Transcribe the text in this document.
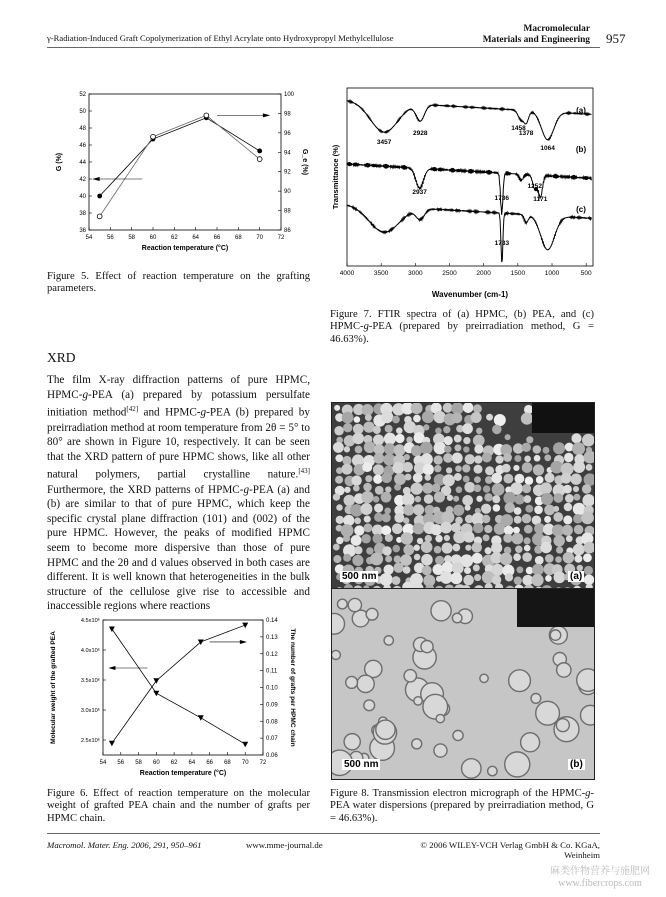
γ-Radiation-Induced Graft Copolymerization of Ethyl Acrylate onto Hydroxypropyl Methylcellulose
Macromolecular
Materials and Engineering 957
54 56 58 60 62 64 66 68 70 72
36
38
40
42
44
46
48
50
52
86
88
90
92
94
96
98
100
Reaction temperature (°C)
G (%)	G_e (%)
Figure 5. Effect of reaction temperature on the grafting parameters.
4000	3500	3000	2500	2000	1500	1000	500
Wavenumber (cm-1)
Transmittance (%)
3457
2928
1458
1378
1064
2937
1736
1252
1171
1733
(a)
(b)
(c)
Figure 7. FTIR spectra of (a) HPMC, (b) PEA, and (c) HPMC-g-PEA (prepared by preirradiation method, G = 46.63%).
XRD
The film X-ray diffraction patterns of pure HPMC, HPMC-g-PEA (a) prepared by potassium persulfate initiation method[42] and HPMC-g-PEA (b) prepared by preirradiation method at room temperature from 2θ = 5° to 80° are shown in Figure 10, respectively. It can be seen that the XRD pattern of pure HPMC shows, like all other natural polymers, partial crystalline nature.[43] Furthermore, the XRD patterns of HPMC-g-PEA (a) and (b) are similar to that of pure HPMC, which keep the specific crystal plane diffraction (101) and (002) of the pure HPMC. However, the peaks of modified HPMC seem to become more dispersive than those of pure HPMC and the 2θ and d values observed in both cases are different. It is well known that heterogeneities in the bulk structure of the cellulose give rise to accessible and inaccessible regions where reactions
54 56 58 60 62 64 66 68 70 72
2.5x10⁶
3.0x10⁶
3.5x10⁶
4.0x10⁶
4.5x10⁶
0.06
0.07
0.08
0.09
0.10
0.11
0.12
0.13
0.14
Reaction temperature (°C)
Molecular weight of the grafted PEA	The number of grafts per HPMC chain
Figure 6. Effect of reaction temperature on the molecular weight of grafted PEA chain and the number of grafts per HPMC chain.
500 nm	(a)
500 nm	(b)
Figure 8. Transmission electron micrograph of the HPMC-g-PEA water dispersions (prepared by preirradiation method, G = 46.63%).
Macromol. Mater. Eng. 2006, 291, 950–961	www.mme-journal.de	© 2006 WILEY-VCH Verlag GmbH & Co. KGaA, Weinheim
麻类作物营养与施肥网
www.fibercrops.com
